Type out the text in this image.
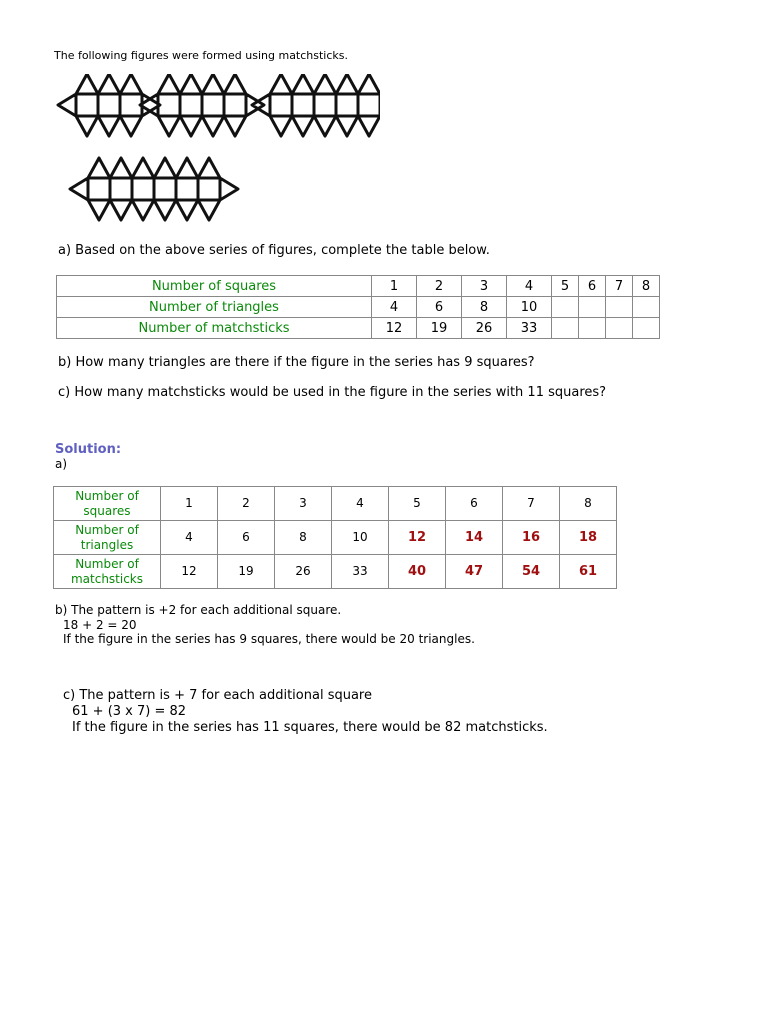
The following figures were formed using matchsticks.
a) Based on the above series of figures, complete the table below.
Number of squares	1	2	3	4	5	6	7	8
Number of triangles	4	6	8	10				
Number of matchsticks	12	19	26	33				
b) How many triangles are there if the figure in the series has 9 squares?
c) How many matchsticks would be used in the figure in the series with 11 squares?
Solution:
a)
Number of squares	1	2	3	4	5	6	7	8
Number of triangles	4	6	8	10	12	14	16	18
Number of matchsticks	12	19	26	33	40	47	54	61
b) The pattern is +2 for each additional square.
18 + 2 = 20
If the figure in the series has 9 squares, there would be 20 triangles.
c) The pattern is + 7 for each additional square
61 + (3 x 7) = 82
If the figure in the series has 11 squares, there would be 82 matchsticks.
